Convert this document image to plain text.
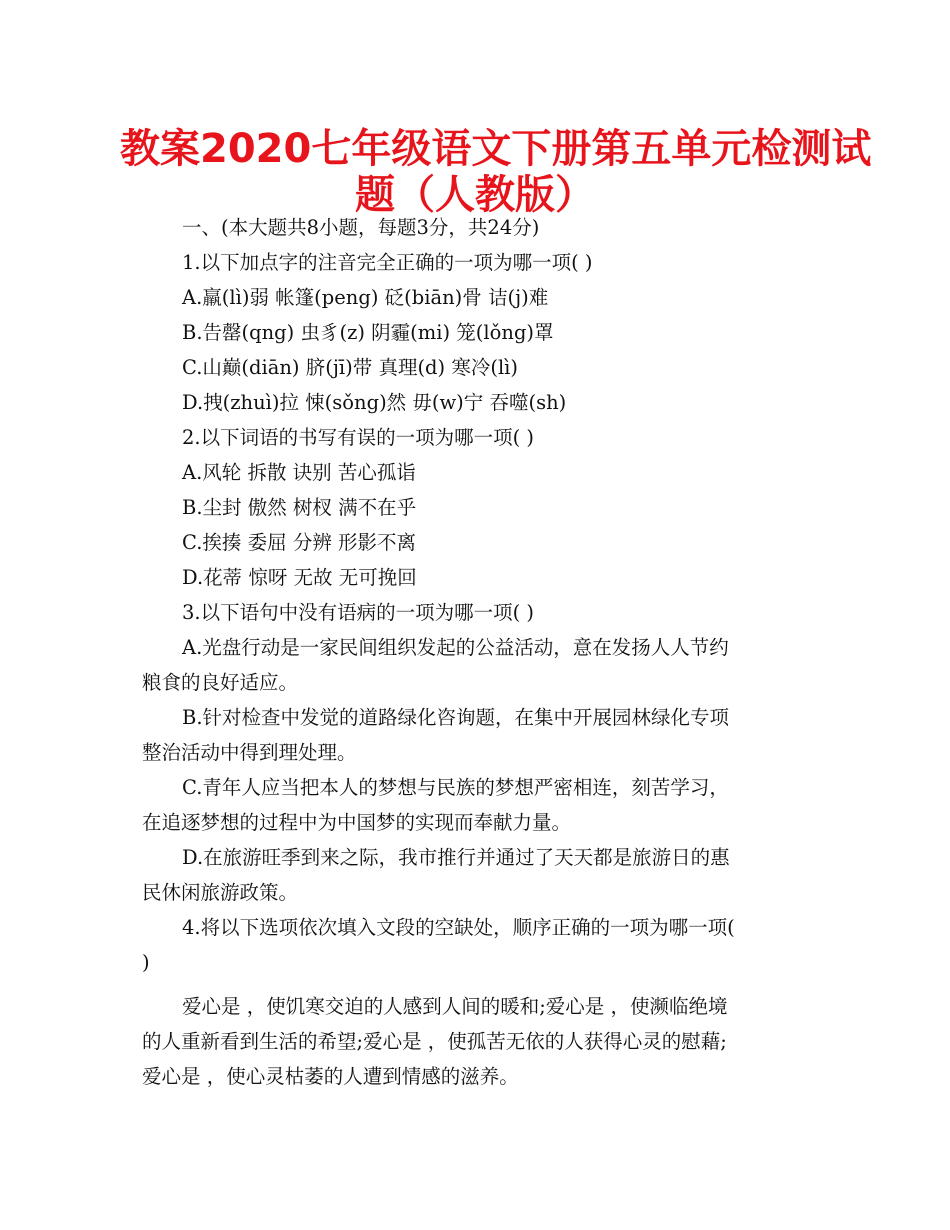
教案2020七年级语文下册第五单元检测试
题（人教版）
一、(本大题共8小题，每题3分，共24分)
1.以下加点字的注音完全正确的一项为哪一项( )
A.羸(lì)弱 帐篷(peng) 砭(biān)骨 诘(j)难
B.告罄(qng) 虫豸(z) 阴霾(mi) 笼(lǒng)罩
C.山巅(diān) 脐(jī)带 真理(d) 寒冷(lì)
D.拽(zhuì)拉 悚(sǒng)然 毋(w)宁 吞噬(sh)
2.以下词语的书写有误的一项为哪一项( )
A.风轮 拆散 诀别 苦心孤诣
B.尘封 傲然 树杈 满不在乎
C.挨揍 委屈 分辨 形影不离
D.花蒂 惊呀 无故 无可挽回
3.以下语句中没有语病的一项为哪一项( )
A.光盘行动是一家民间组织发起的公益活动，意在发扬人人节约
粮食的良好适应。
B.针对检查中发觉的道路绿化咨询题，在集中开展园林绿化专项
整治活动中得到理处理。
C.青年人应当把本人的梦想与民族的梦想严密相连，刻苦学习，
在追逐梦想的过程中为中国梦的实现而奉献力量。
D.在旅游旺季到来之际，我市推行并通过了天天都是旅游日的惠
民休闲旅游政策。
4.将以下选项依次填入文段的空缺处，顺序正确的一项为哪一项(
)
爱心是 ，使饥寒交迫的人感到人间的暖和;爱心是 ，使濒临绝境
的人重新看到生活的希望;爱心是 ，使孤苦无依的人获得心灵的慰藉;
爱心是 ，使心灵枯萎的人遭到情感的滋养。
